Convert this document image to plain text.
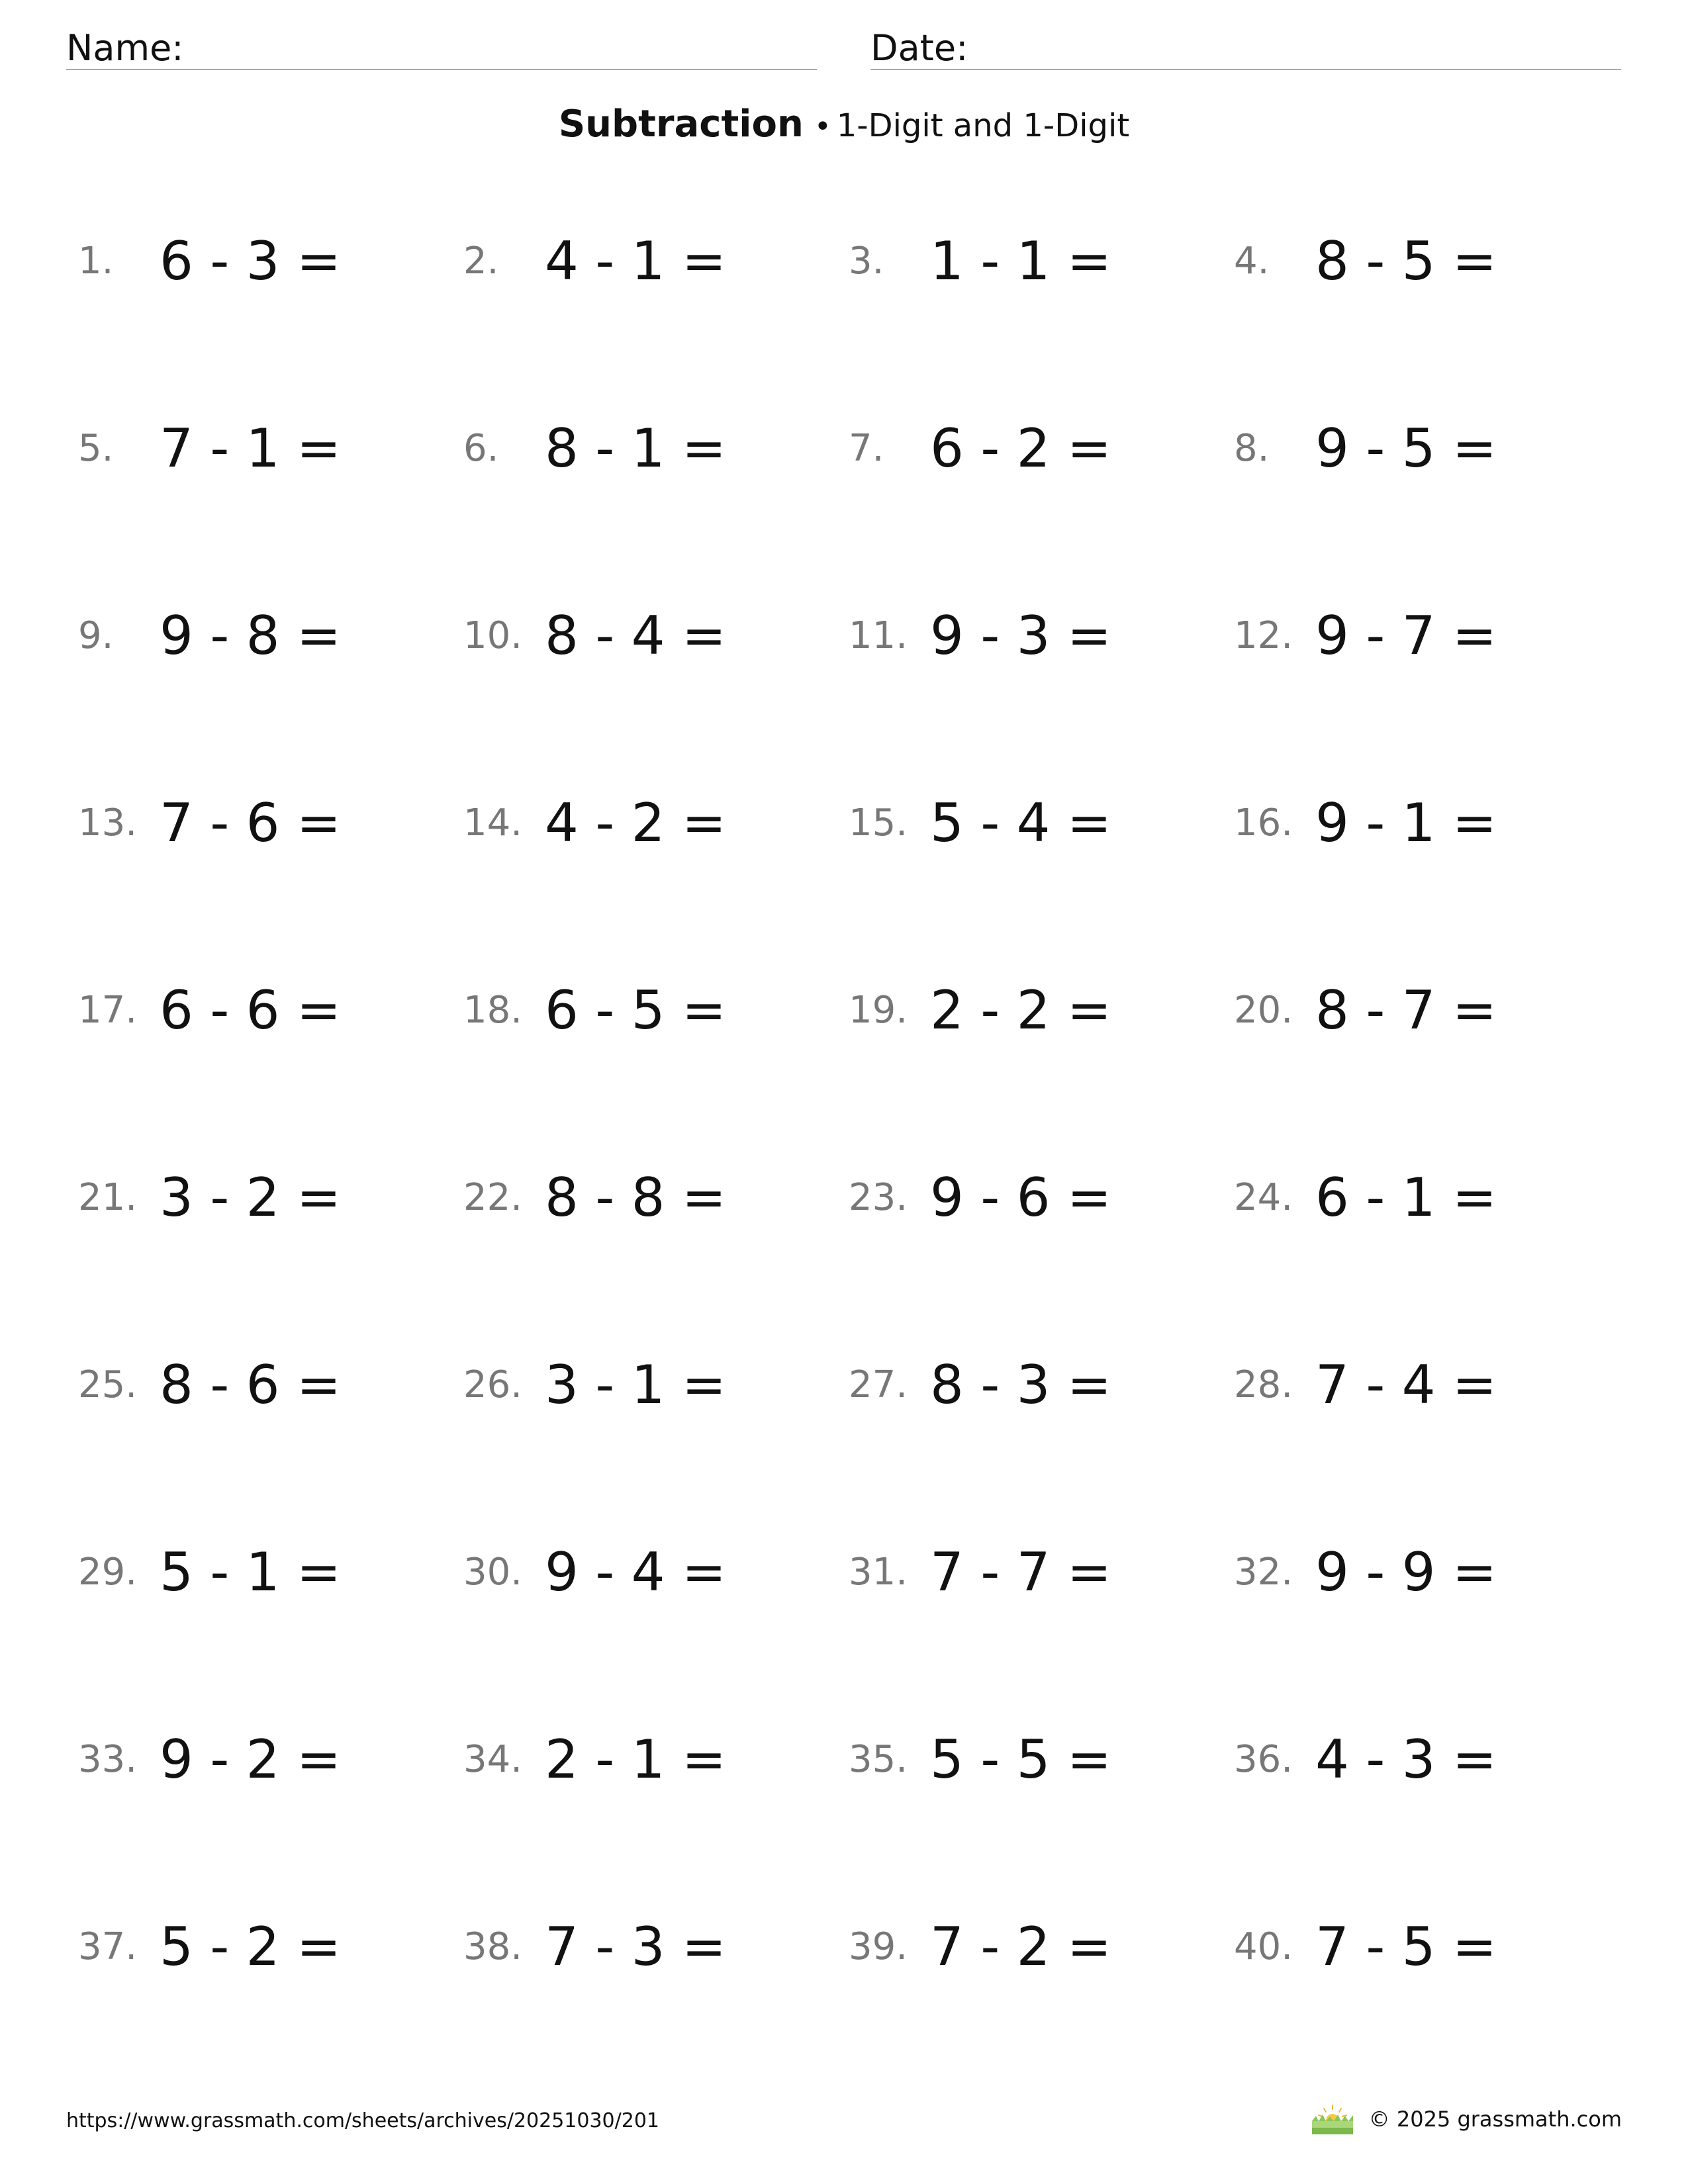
Name:	Date:
Subtraction • 1-Digit and 1-Digit
1. 6 - 3 =	2. 4 - 1 =	3. 1 - 1 =	4. 8 - 5 =
5. 7 - 1 =	6. 8 - 1 =	7. 6 - 2 =	8. 9 - 5 =
9. 9 - 8 =	10. 8 - 4 =	11. 9 - 3 =	12. 9 - 7 =
13. 7 - 6 =	14. 4 - 2 =	15. 5 - 4 =	16. 9 - 1 =
17. 6 - 6 =	18. 6 - 5 =	19. 2 - 2 =	20. 8 - 7 =
21. 3 - 2 =	22. 8 - 8 =	23. 9 - 6 =	24. 6 - 1 =
25. 8 - 6 =	26. 3 - 1 =	27. 8 - 3 =	28. 7 - 4 =
29. 5 - 1 =	30. 9 - 4 =	31. 7 - 7 =	32. 9 - 9 =
33. 9 - 2 =	34. 2 - 1 =	35. 5 - 5 =	36. 4 - 3 =
37. 5 - 2 =	38. 7 - 3 =	39. 7 - 2 =	40. 7 - 5 =
https://www.grassmath.com/sheets/archives/20251030/201	© 2025 grassmath.com
